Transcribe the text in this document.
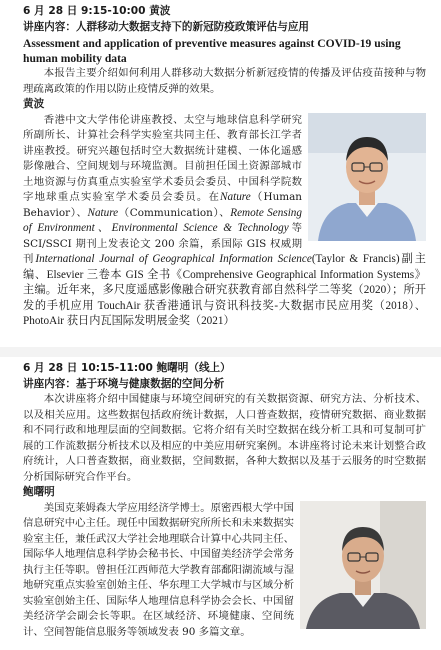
6 月 28 日 9:15-10:00 黄波

讲座内容：人群移动大数据支持下的新冠防疫政策评估与应用

Assessment and application of preventive measures against COVID-19 using human mobility data

本报告主要介绍如何利用人群移动大数据分析新冠疫情的传播及评估疫苗接种与物理疏离政策的作用以防止疫情反弹的效果。

黄波

香港中文大学伟伦讲座教授、太空与地球信息科学研究所副所长、计算社会科学实验室共同主任、教育部长江学者讲座教授。研究兴趣包括时空大数据统计建模、一体化遥感影像融合、空间规划与环境监测。目前担任国土资源部城市土地资源与仿真重点实验室学术委员会委员、中国科学院数字地球重点实验室学术委员会委员。在Nature（Human Behavior）、Nature（Communication）、Remote Sensing of Environment、Environmental Science & Technology等 SCI/SSCI 期刊上发表论文 200 余篇，系国际 GIS 权威期刊International Journal of Geographical Information Science(Taylor & Francis)副主编、Elsevier 三卷本 GIS 全书《Comprehensive Geographical Information Systems》主编。近年来，多尺度遥感影像融合研究获教育部自然科学二等奖（2020）；所开发的手机应用 TouchAir 获香港通讯与资讯科技奖-大数据市民应用奖（2018）、PhotoAir 获日内瓦国际发明展金奖（2021）

6 月 28 日 10:15-11:00 鲍曙明（线上）

讲座内容：基于环境与健康数据的空间分析

本次讲座将介绍中国健康与环境空间研究的有关数据资源、研究方法、分析技术、以及相关应用。这些数据包括政府统计数据，人口普查数据，疫情研究数据、商业数据和不同行政和地理层面的空间数据。它将介绍有关时空数据在线分析工具和可复制可扩展的工作流数据分析技术以及相应的中美应用研究案例。本讲座将讨论未来计划整合政府统计，人口普查数据，商业数据，空间数据，各种大数据以及基于云服务的时空数据分析国际研究合作平台。

鲍曙明

美国克莱姆森大学应用经济学博士。原密西根大学中国信息研究中心主任。现任中国数据研究所所长和未来数据实验室主任，兼任武汉大学社会地理联合计算中心共同主任、国际华人地理信息科学协会秘书长、中国留美经济学会常务执行主任等职。曾担任江西师范大学教育部鄱阳湖流域与湿地研究重点实验室创始主任、华东理工大学城市与区域分析实验室创始主任、国际华人地理信息科学协会会长、中国留美经济学会副会长等职。在区域经济、环境健康、空间统计、空间智能信息服务等领域发表 90 多篇文章。
